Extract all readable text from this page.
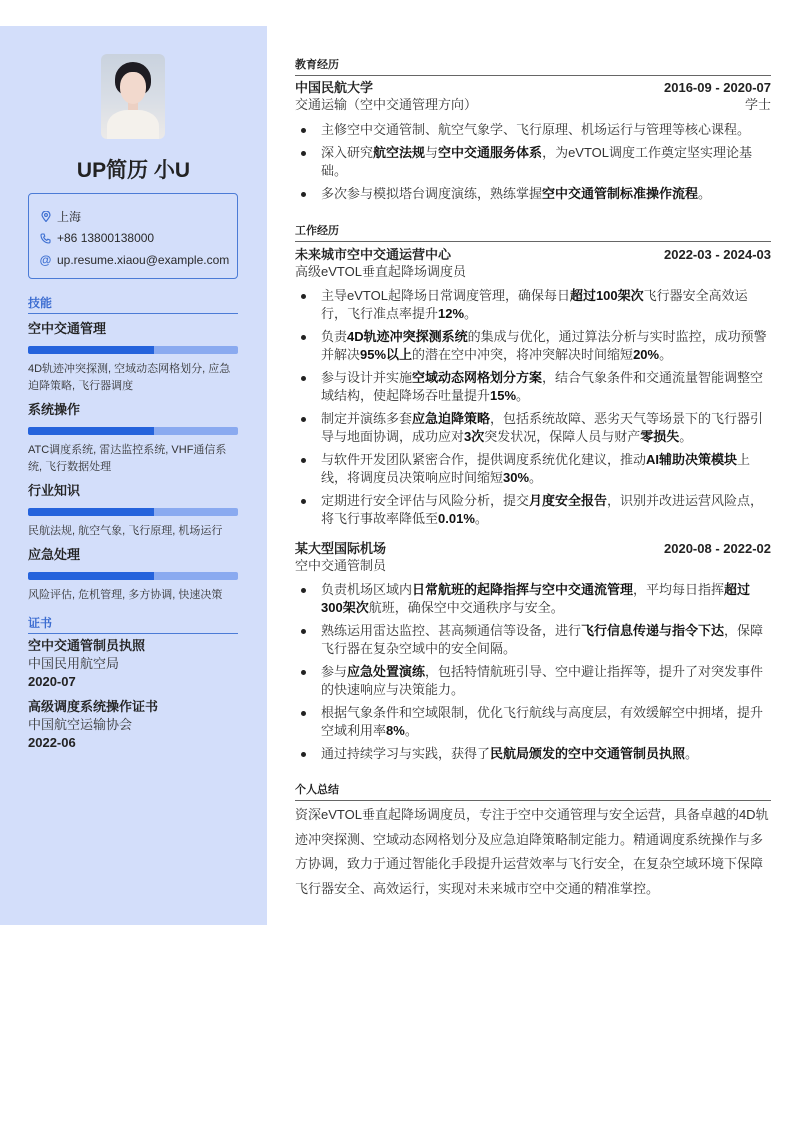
UP简历 小U
上海
+86 13800138000
@ up.resume.xiaou@example.com
技能
空中交通管理
4D轨迹冲突探测, 空域动态网格划分, 应急迫降策略, 飞行器调度
系统操作
ATC调度系统, 雷达监控系统, VHF通信系统, 飞行数据处理
行业知识
民航法规, 航空气象, 飞行原理, 机场运行
应急处理
风险评估, 危机管理, 多方协调, 快速决策
证书
空中交通管制员执照
中国民用航空局
2020-07
高级调度系统操作证书
中国航空运输协会
2022-06
教育经历
中国民航大学	2016-09 - 2020-07
交通运输（空中交通管理方向）	学士
主修空中交通管制、航空气象学、飞行原理、机场运行与管理等核心课程。
深入研究航空法规与空中交通服务体系，为eVTOL调度工作奠定坚实理论基础。
多次参与模拟塔台调度演练，熟练掌握空中交通管制标准操作流程。
工作经历
未来城市空中交通运营中心	2022-03 - 2024-03
高级eVTOL垂直起降场调度员
主导eVTOL起降场日常调度管理，确保每日超过100架次飞行器安全高效运行，飞行准点率提升12%。
负责4D轨迹冲突探测系统的集成与优化，通过算法分析与实时监控，成功预警并解决95%以上的潜在空中冲突，将冲突解决时间缩短20%。
参与设计并实施空域动态网格划分方案，结合气象条件和交通流量智能调整空域结构，使起降场吞吐量提升15%。
制定并演练多套应急迫降策略，包括系统故障、恶劣天气等场景下的飞行器引导与地面协调，成功应对3次突发状况，保障人员与财产零损失。
与软件开发团队紧密合作，提供调度系统优化建议，推动AI辅助决策模块上线，将调度员决策响应时间缩短30%。
定期进行安全评估与风险分析，提交月度安全报告，识别并改进运营风险点，将飞行事故率降低至0.01%。
某大型国际机场	2020-08 - 2022-02
空中交通管制员
负责机场区域内日常航班的起降指挥与空中交通流管理，平均每日指挥超过300架次航班，确保空中交通秩序与安全。
熟练运用雷达监控、甚高频通信等设备，进行飞行信息传递与指令下达，保障飞行器在复杂空域中的安全间隔。
参与应急处置演练，包括特情航班引导、空中避让指挥等，提升了对突发事件的快速响应与决策能力。
根据气象条件和空域限制，优化飞行航线与高度层，有效缓解空中拥堵，提升空域利用率8%。
通过持续学习与实践，获得了民航局颁发的空中交通管制员执照。
个人总结
资深eVTOL垂直起降场调度员，专注于空中交通管理与安全运营，具备卓越的4D轨迹冲突探测、空域动态网格划分及应急迫降策略制定能力。精通调度系统操作与多方协调，致力于通过智能化手段提升运营效率与飞行安全，在复杂空域环境下保障飞行器安全、高效运行，实现对未来城市空中交通的精准掌控。
